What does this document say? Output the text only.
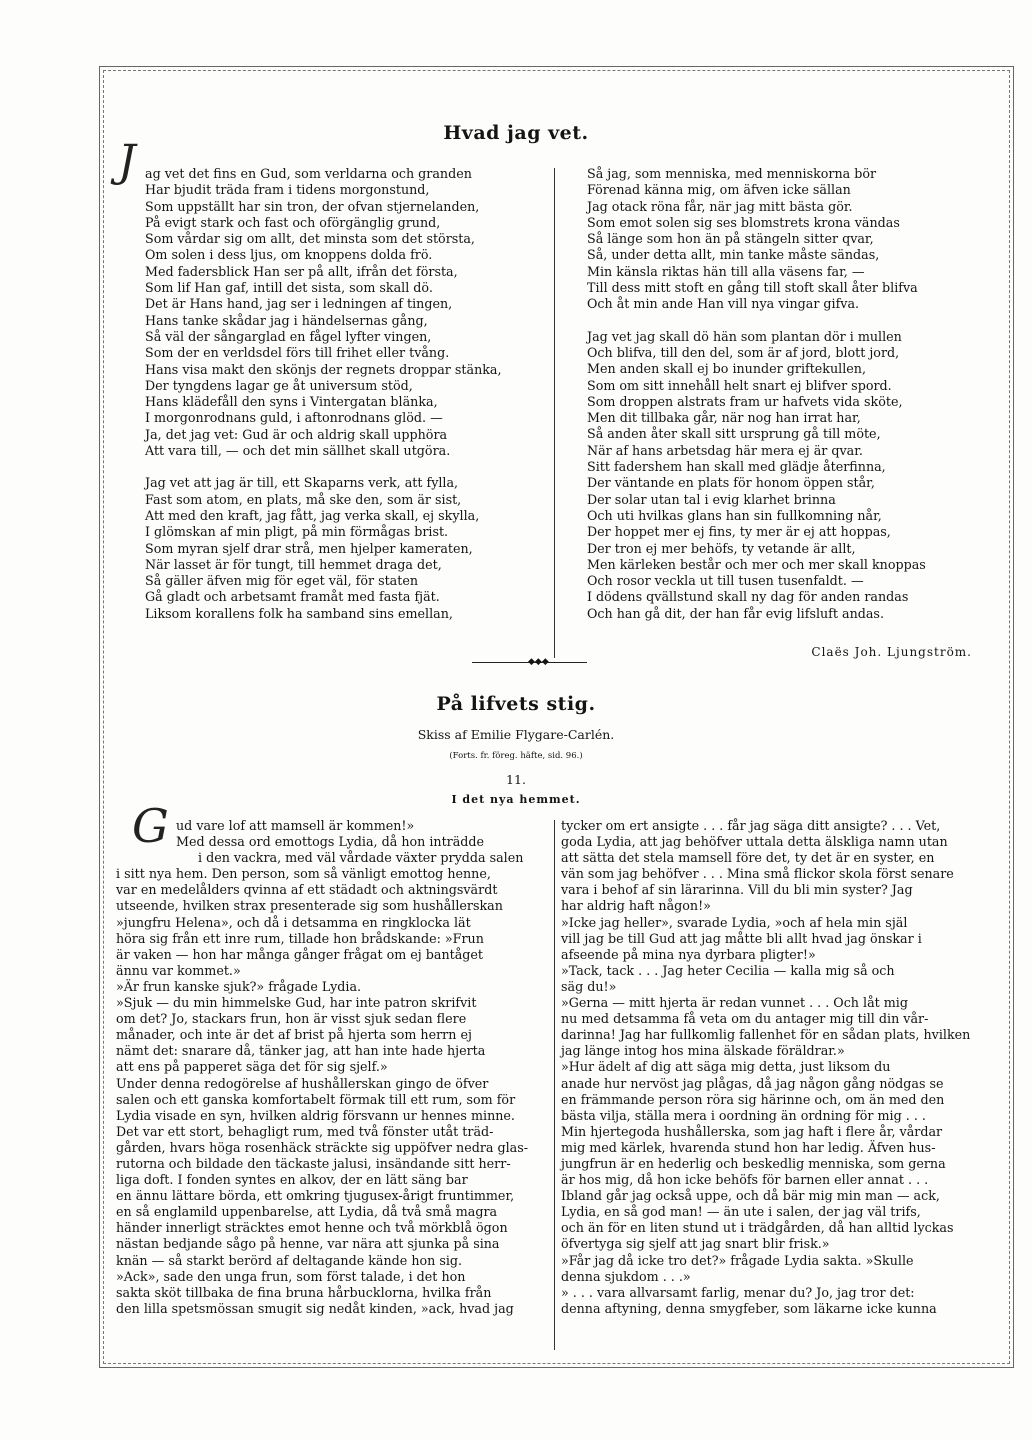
Hvad jag vet.
J ag vet det fins en Gud, som verldarna och granden
Har bjudit träda fram i tidens morgonstund,
Som uppställt har sin tron, der ofvan stjernelanden,
På evigt stark och fast och oförgänglig grund,
Som vårdar sig om allt, det minsta som det största,
Om solen i dess ljus, om knoppens dolda frö.
Med fadersblick Han ser på allt, ifrån det första,
Som lif Han gaf, intill det sista, som skall dö.
Det är Hans hand, jag ser i ledningen af tingen,
Hans tanke skådar jag i händelsernas gång,
Så väl der sångarglad en fågel lyfter vingen,
Som der en verldsdel förs till frihet eller tvång.
Hans visa makt den skönjs der regnets droppar stänka,
Der tyngdens lagar ge åt universum stöd,
Hans klädefåll den syns i Vintergatan blänka,
I morgonrodnans guld, i aftonrodnans glöd. —
Ja, det jag vet: Gud är och aldrig skall upphöra
Att vara till, — och det min sällhet skall utgöra.
Jag vet att jag är till, ett Skaparns verk, att fylla,
Fast som atom, en plats, må ske den, som är sist,
Att med den kraft, jag fått, jag verka skall, ej skylla,
I glömskan af min pligt, på min förmågas brist.
Som myran sjelf drar strå, men hjelper kameraten,
När lasset är för tungt, till hemmet draga det,
Så gäller äfven mig för eget väl, för staten
Gå gladt och arbetsamt framåt med fasta fjät.
Liksom korallens folk ha samband sins emellan,
Så jag, som menniska, med menniskorna bör
Förenad känna mig, om äfven icke sällan
Jag otack röna får, när jag mitt bästa gör.
Som emot solen sig ses blomstrets krona vändas
Så länge som hon än på stängeln sitter qvar,
Så, under detta allt, min tanke måste sändas,
Min känsla riktas hän till alla väsens far, —
Till dess mitt stoft en gång till stoft skall åter blifva
Och åt min ande Han vill nya vingar gifva.
Jag vet jag skall dö hän som plantan dör i mullen
Och blifva, till den del, som är af jord, blott jord,
Men anden skall ej bo inunder griftekullen,
Som om sitt innehåll helt snart ej blifver spord.
Som droppen alstrats fram ur hafvets vida sköte,
Men dit tillbaka går, när nog han irrat har,
Så anden åter skall sitt ursprung gå till möte,
När af hans arbetsdag här mera ej är qvar.
Sitt fadershem han skall med glädje återfinna,
Der väntande en plats för honom öppen står,
Der solar utan tal i evig klarhet brinna
Och uti hvilkas glans han sin fullkomning når,
Der hoppet mer ej fins, ty mer är ej att hoppas,
Der tron ej mer behöfs, ty vetande är allt,
Men kärleken består och mer och mer skall knoppas
Och rosor veckla ut till tusen tusenfaldt. —
I dödens qvällstund skall ny dag för anden randas
Och han gå dit, der han får evig lifsluft andas.
Claës Joh. Ljungström.
◆◆◆
På lifvets stig.
Skiss af Emilie Flygare-Carlén.
(Forts. fr. föreg. häfte, sid. 96.)
11.
I det nya hemmet.
G ud vare lof att mamsell är kommen!»
Med dessa ord emottogs Lydia, då hon inträdde
i den vackra, med väl vårdade växter prydda salen
i sitt nya hem. Den person, som så vänligt emottog henne,
var en medelålders qvinna af ett städadt och aktningsvärdt
utseende, hvilken strax presenterade sig som hushållerskan
»jungfru Helena», och då i detsamma en ringklocka lät
höra sig från ett inre rum, tillade hon brådskande: »Frun
är vaken — hon har många gånger frågat om ej bantåget
ännu var kommet.»
»Är frun kanske sjuk?» frågade Lydia.
»Sjuk — du min himmelske Gud, har inte patron skrifvit
om det? Jo, stackars frun, hon är visst sjuk sedan flere
månader, och inte är det af brist på hjerta som herrn ej
nämt det: snarare då, tänker jag, att han inte hade hjerta
att ens på papperet säga det för sig sjelf.»
Under denna redogörelse af hushållerskan gingo de öfver
salen och ett ganska komfortabelt förmak till ett rum, som för
Lydia visade en syn, hvilken aldrig försvann ur hennes minne.
Det var ett stort, behagligt rum, med två fönster utåt träd-
gården, hvars höga rosenhäck sträckte sig uppöfver nedra glas-
rutorna och bildade den täckaste jalusi, insändande sitt herr-
liga doft. I fonden syntes en alkov, der en lätt säng bar
en ännu lättare börda, ett omkring tjugusex-årigt fruntimmer,
en så englamild uppenbarelse, att Lydia, då två små magra
händer innerligt sträcktes emot henne och två mörkblå ögon
nästan bedjande sågo på henne, var nära att sjunka på sina
knän — så starkt berörd af deltagande kände hon sig.
»Ack», sade den unga frun, som först talade, i det hon
sakta sköt tillbaka de fina bruna hårbucklorna, hvilka från
den lilla spetsmössan smugit sig nedåt kinden, »ack, hvad jag
tycker om ert ansigte . . . får jag säga ditt ansigte? . . . Vet,
goda Lydia, att jag behöfver uttala detta älskliga namn utan
att sätta det stela mamsell före det, ty det är en syster, en
vän som jag behöfver . . . Mina små flickor skola först senare
vara i behof af sin lärarinna. Vill du bli min syster? Jag
har aldrig haft någon!»
»Icke jag heller», svarade Lydia, »och af hela min själ
vill jag be till Gud att jag måtte bli allt hvad jag önskar i
afseende på mina nya dyrbara pligter!»
»Tack, tack . . . Jag heter Cecilia — kalla mig så och
säg du!»
»Gerna — mitt hjerta är redan vunnet . . . Och låt mig
nu med detsamma få veta om du antager mig till din vår-
darinna! Jag har fullkomlig fallenhet för en sådan plats, hvilken
jag länge intog hos mina älskade föräldrar.»
»Hur ädelt af dig att säga mig detta, just liksom du
anade hur nervöst jag plågas, då jag någon gång nödgas se
en främmande person röra sig härinne och, om än med den
bästa vilja, ställa mera i oordning än ordning för mig . . .
Min hjertegoda hushållerska, som jag haft i flere år, vårdar
mig med kärlek, hvarenda stund hon har ledig. Äfven hus-
jungfrun är en hederlig och beskedlig menniska, som gerna
är hos mig, då hon icke behöfs för barnen eller annat . . .
Ibland går jag också uppe, och då bär mig min man — ack,
Lydia, en så god man! — än ute i salen, der jag väl trifs,
och än för en liten stund ut i trädgården, då han alltid lyckas
öfvertyga sig sjelf att jag snart blir frisk.»
»Får jag då icke tro det?» frågade Lydia sakta. »Skulle
denna sjukdom . . .»
» . . . vara allvarsamt farlig, menar du? Jo, jag tror det:
denna aftyning, denna smygfeber, som läkarne icke kunna
